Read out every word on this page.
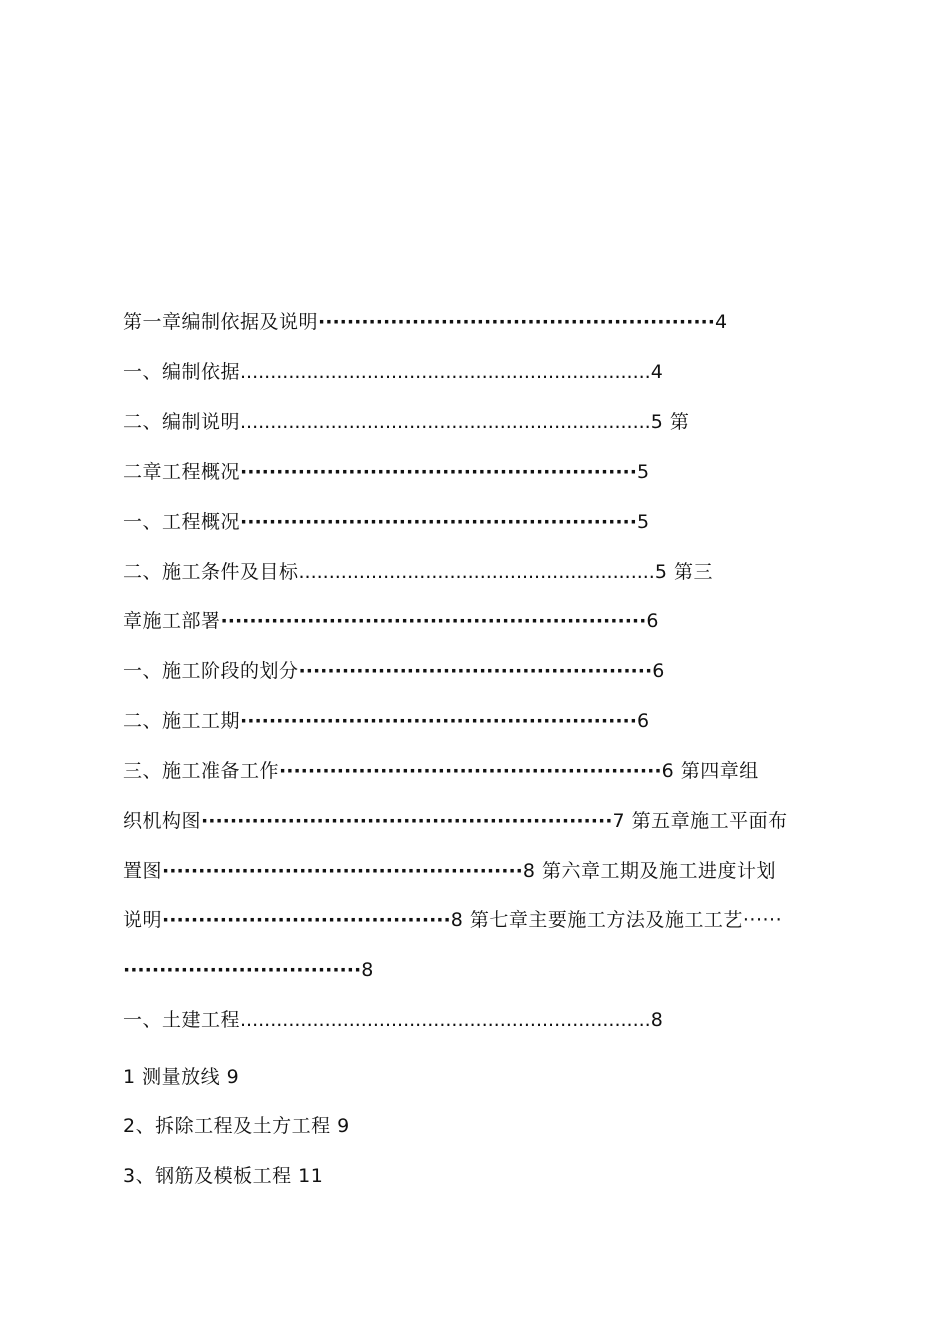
第一章编制依据及说明·······················································4
一、编制依据....................................................................4
二、编制说明....................................................................5 第
二章工程概况·······················································5
一、工程概况·······················································5
二、施工条件及目标...........................................................5 第三
章施工部署···························································6
一、施工阶段的划分·················································6
二、施工工期·······················································6
三、施工准备工作·····················································6 第四章组
织机构图·························································7 第五章施工平面布
置图··················································8 第六章工期及施工进度计划
说明········································8 第七章主要施工方法及施工工艺······
·································8
一、土建工程....................................................................8
1 测量放线 9
2、拆除工程及土方工程 9
3、钢筋及模板工程 11
